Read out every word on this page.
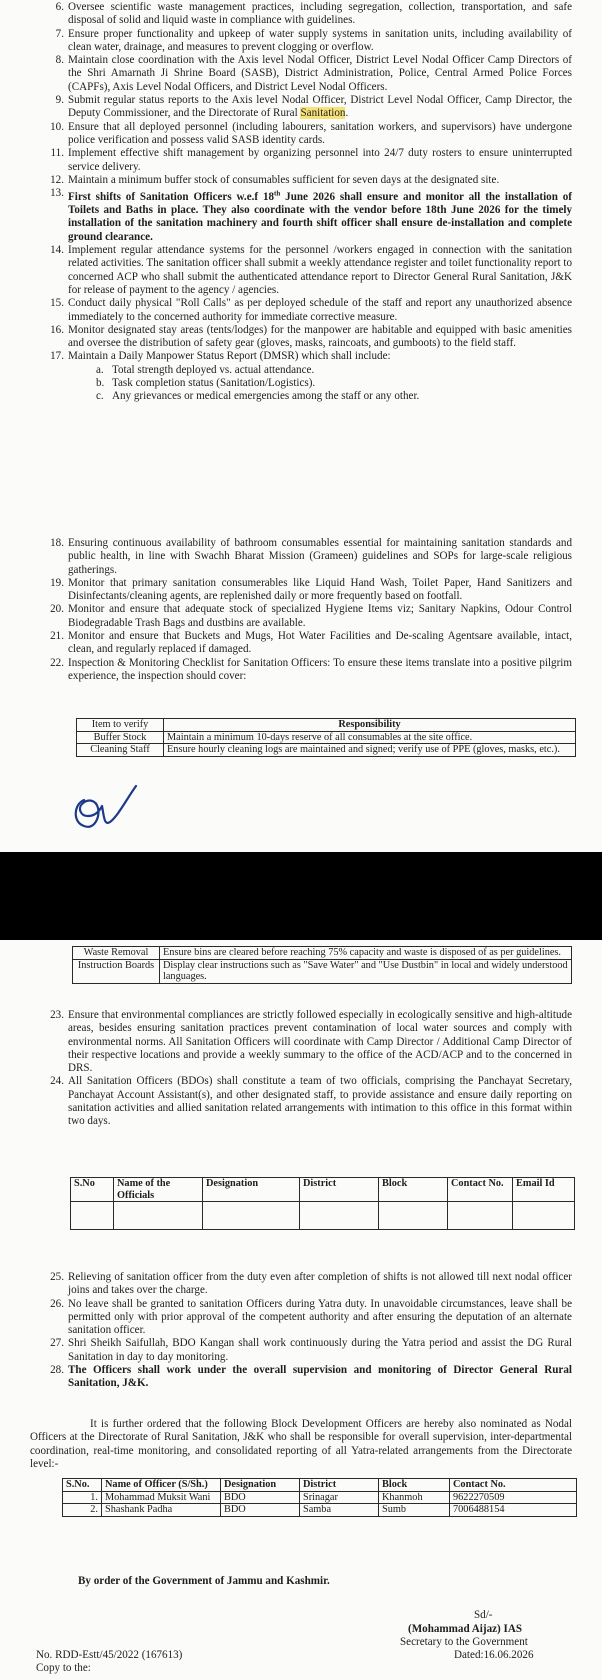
6. Oversee scientific waste management practices, including segregation, collection, transportation, and safe disposal of solid and liquid waste in compliance with guidelines.
7. Ensure proper functionality and upkeep of water supply systems in sanitation units, including availability of clean water, drainage, and measures to prevent clogging or overflow.
8. Maintain close coordination with the Axis level Nodal Officer, District Level Nodal Officer Camp Directors of the Shri Amarnath Ji Shrine Board (SASB), District Administration, Police, Central Armed Police Forces (CAPFs), Axis Level Nodal Officers, and District Level Nodal Officers.
9. Submit regular status reports to the Axis level Nodal Officer, District Level Nodal Officer, Camp Director, the Deputy Commissioner, and the Directorate of Rural Sanitation.
10. Ensure that all deployed personnel (including labourers, sanitation workers, and supervisors) have undergone police verification and possess valid SASB identity cards.
11. Implement effective shift management by organizing personnel into 24/7 duty rosters to ensure uninterrupted service delivery.
12. Maintain a minimum buffer stock of consumables sufficient for seven days at the designated site.
13. First shifts of Sanitation Officers w.e.f 18th June 2026 shall ensure and monitor all the installation of Toilets and Baths in place. They also coordinate with the vendor before 18th June 2026 for the timely installation of the sanitation machinery and fourth shift officer shall ensure de-installation and complete ground clearance.
14. Implement regular attendance systems for the personnel /workers engaged in connection with the sanitation related activities. The sanitation officer shall submit a weekly attendance register and toilet functionality report to concerned ACP who shall submit the authenticated attendance report to Director General Rural Sanitation, J&K for release of payment to the agency / agencies.
15. Conduct daily physical "Roll Calls" as per deployed schedule of the staff and report any unauthorized absence immediately to the concerned authority for immediate corrective measure.
16. Monitor designated stay areas (tents/lodges) for the manpower are habitable and equipped with basic amenities and oversee the distribution of safety gear (gloves, masks, raincoats, and gumboots) to the field staff.
17. Maintain a Daily Manpower Status Report (DMSR) which shall include:
a. Total strength deployed vs. actual attendance.
b. Task completion status (Sanitation/Logistics).
c. Any grievances or medical emergencies among the staff or any other.
18. Ensuring continuous availability of bathroom consumables essential for maintaining sanitation standards and public health, in line with Swachh Bharat Mission (Grameen) guidelines and SOPs for large-scale religious gatherings.
19. Monitor that primary sanitation consumerables like Liquid Hand Wash, Toilet Paper, Hand Sanitizers and Disinfectants/cleaning agents, are replenished daily or more frequently based on footfall.
20. Monitor and ensure that adequate stock of specialized Hygiene Items viz; Sanitary Napkins, Odour Control Biodegradable Trash Bags and dustbins are available.
21. Monitor and ensure that Buckets and Mugs, Hot Water Facilities and De-scaling Agentsare available, intact, clean, and regularly replaced if damaged.
22. Inspection & Monitoring Checklist for Sanitation Officers: To ensure these items translate into a positive pilgrim experience, the inspection should cover:
Item to verify	Responsibility
Buffer Stock	Maintain a minimum 10-days reserve of all consumables at the site office.
Cleaning Staff	Ensure hourly cleaning logs are maintained and signed; verify use of PPE (gloves, masks, etc.).
Waste Removal	Ensure bins are cleared before reaching 75% capacity and waste is disposed of as per guidelines.
Instruction Boards	Display clear instructions such as "Save Water" and "Use Dustbin" in local and widely understood languages.
23. Ensure that environmental compliances are strictly followed especially in ecologically sensitive and high-altitude areas, besides ensuring sanitation practices prevent contamination of local water sources and comply with environmental norms. All Sanitation Officers will coordinate with Camp Director / Additional Camp Director of their respective locations and provide a weekly summary to the office of the ACD/ACP and to the concerned in DRS.
24. All Sanitation Officers (BDOs) shall constitute a team of two officials, comprising the Panchayat Secretary, Panchayat Account Assistant(s), and other designated staff, to provide assistance and ensure daily reporting on sanitation activities and allied sanitation related arrangements with intimation to this office in this format within two days.
S.No	Name of the Officials	Designation	District	Block	Contact No.	Email Id

25. Relieving of sanitation officer from the duty even after completion of shifts is not allowed till next nodal officer joins and takes over the charge.
26. No leave shall be granted to sanitation Officers during Yatra duty. In unavoidable circumstances, leave shall be permitted only with prior approval of the competent authority and after ensuring the deputation of an alternate sanitation officer.
27. Shri Sheikh Saifullah, BDO Kangan shall work continuously during the Yatra period and assist the DG Rural Sanitation in day to day monitoring.
28. The Officers shall work under the overall supervision and monitoring of Director General Rural Sanitation, J&K.
It is further ordered that the following Block Development Officers are hereby also nominated as Nodal Officers at the Directorate of Rural Sanitation, J&K who shall be responsible for overall supervision, inter-departmental coordination, real-time monitoring, and consolidated reporting of all Yatra-related arrangements from the Directorate level:-
S.No.	Name of Officer (S/Sh.)	Designation	District	Block	Contact No.
1.	Mohammad Muksit Wani	BDO	Srinagar	Khanmoh	9622270509
2.	Shashank Padha	BDO	Samba	Sumb	7006488154
By order of the Government of Jammu and Kashmir.
Sd/-
(Mohammad Aijaz) IAS
Secretary to the Government
Dated:16.06.2026
No. RDD-Estt/45/2022 (167613)
Copy to the:
